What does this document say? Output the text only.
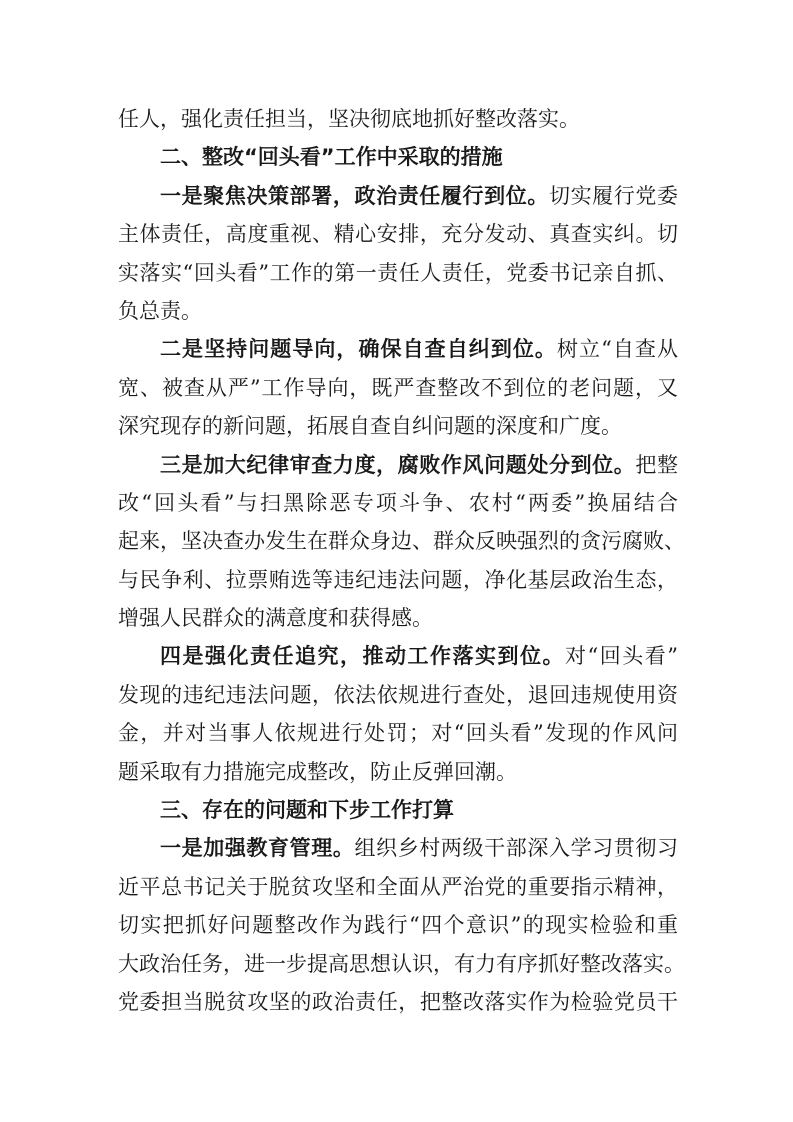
任人，强化责任担当，坚决彻底地抓好整改落实。
二、整改“回头看”工作中采取的措施
一是聚焦决策部署，政治责任履行到位。切实履行党委
主体责任，高度重视、精心安排，充分发动、真查实纠。切
实落实“回头看”工作的第一责任人责任，党委书记亲自抓、
负总责。
二是坚持问题导向，确保自查自纠到位。树立“自查从
宽、被查从严”工作导向，既严查整改不到位的老问题，又
深究现存的新问题，拓展自查自纠问题的深度和广度。
三是加大纪律审查力度，腐败作风问题处分到位。把整
改“回头看”与扫黑除恶专项斗争、农村“两委”换届结合
起来，坚决查办发生在群众身边、群众反映强烈的贪污腐败、
与民争利、拉票贿选等违纪违法问题，净化基层政治生态，
增强人民群众的满意度和获得感。
四是强化责任追究，推动工作落实到位。对“回头看”
发现的违纪违法问题，依法依规进行查处，退回违规使用资
金，并对当事人依规进行处罚；对“回头看”发现的作风问
题采取有力措施完成整改，防止反弹回潮。
三、存在的问题和下步工作打算
一是加强教育管理。组织乡村两级干部深入学习贯彻习
近平总书记关于脱贫攻坚和全面从严治党的重要指示精神，
切实把抓好问题整改作为践行“四个意识”的现实检验和重
大政治任务，进一步提高思想认识，有力有序抓好整改落实。
党委担当脱贫攻坚的政治责任，把整改落实作为检验党员干
